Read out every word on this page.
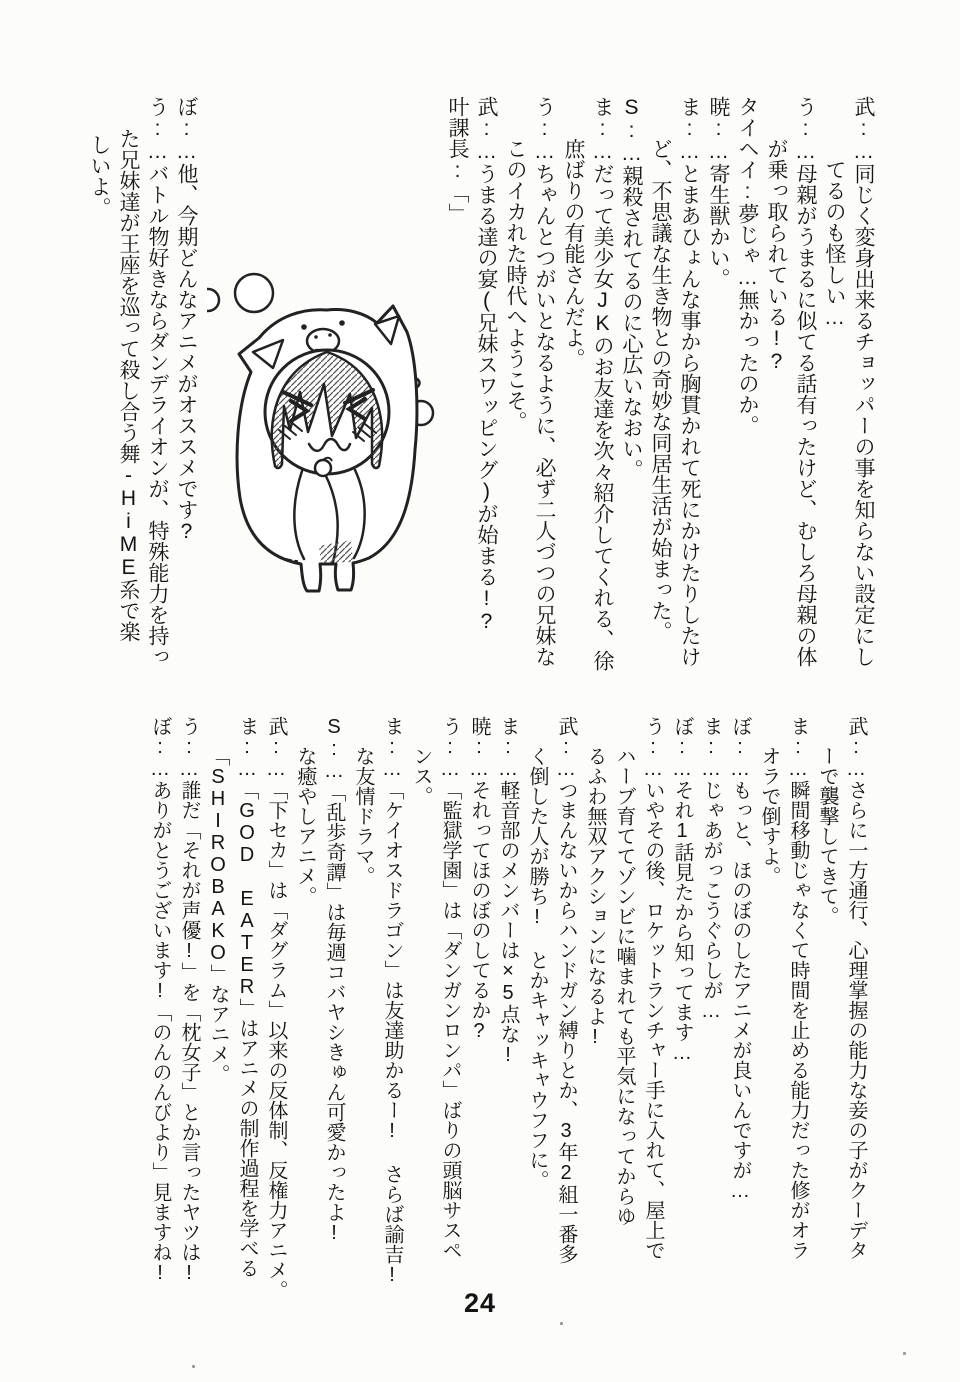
武:…同じく変身出来るチョッパーの事を知らない設定にし
てるのも怪しい…
う:…母親がうまるに似てる話有ったけど、むしろ母親の体
が乗っ取られている!?
タイヘイ:夢じゃ…無かったのか。
暁:…寄生獣かい。
ま:…とまあひょんな事から胸貫かれて死にかけたりしたけ
ど、不思議な生き物との奇妙な同居生活が始まった。
S:…親殺されてるのに心広いなおい。
ま:…だって美少女JKのお友達を次々紹介してくれる、徐
庶ばりの有能さんだよ。
う:…ちゃんとつがいとなるように、必ず二人づつの兄妹な
このイカれた時代へようこそ。
武:…うまる達の宴(兄妹スワッピング)が始まる!?
叶課長:「」
ぼ:…他、今期どんなアニメがオススメです?
う:…バトル物好きならダンデライオンが、特殊能力を持っ
た兄妹達が王座を巡って殺し合う舞-HiME系で楽
しいよ。
武:…さらに一方通行、心理掌握の能力な妾の子がクーデタ
ーで襲撃してきて。
ま:…瞬間移動じゃなくて時間を止める能力だった修がオラ
オラで倒すよ。
ぼ:…もっと、ほのぼのしたアニメが良いんですが…
ま:…じゃあがっこうぐらしが…
ぼ:…それ1話見たから知ってます…
う:…いやその後、ロケットランチャー手に入れて、屋上で
ハーブ育ててゾンビに噛まれても平気になってからゆ
るふわ無双アクションになるよ!
武:…つまんないからハンドガン縛りとか、3年2組一番多
く倒した人が勝ち! とかキャッキャウフフに。
ま:…軽音部のメンバーは×5点な!
暁:…それってほのぼのしてるか?
う:…「監獄学園」は「ダンガンロンパ」ばりの頭脳サスペ
ンス。
ま:…「ケイオスドラゴン」は友達助かるー! さらば諭吉!
な友情ドラマ。
S:…「乱歩奇譚」は毎週コバヤシきゅん可愛かったよ!
な癒やしアニメ。
武:…「下セカ」は「ダグラム」以来の反体制、反権力アニメ。
ま:…「GOD EATER」はアニメの制作過程を学べる
「SHIROBAKO」なアニメ。
う:…誰だ「それが声優!」を「枕女子」とか言ったヤツは!
ぼ:…ありがとうございます!「のんのんびより」見ますね!
24
